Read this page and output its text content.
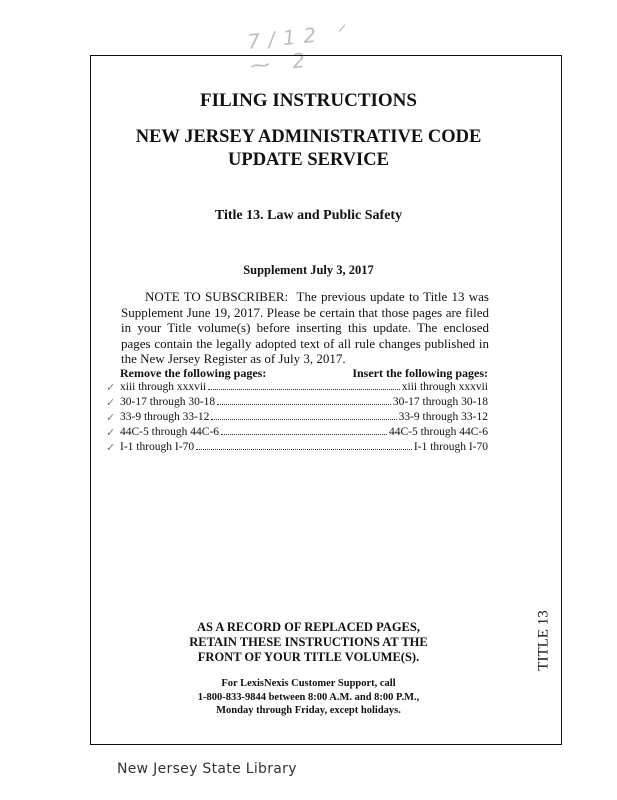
7/12 ᐟ ⁓ 2
TITLE 13
FILING INSTRUCTIONS
NEW JERSEY ADMINISTRATIVE CODE
UPDATE SERVICE
Title 13. Law and Public Safety
Supplement July 3, 2017
NOTE TO SUBSCRIBER: The previous update to Title 13 was Supplement June 19, 2017. Please be certain that those pages are filed in your Title volume(s) before inserting this update. The enclosed pages contain the legally adopted text of all rule changes published in the New Jersey Register as of July 3, 2017.
Remove the following pages:	Insert the following pages:
xiii through xxxvii	xiii through xxxvii
30-17 through 30-18	30-17 through 30-18
33-9 through 33-12	33-9 through 33-12
44C-5 through 44C-6	44C-5 through 44C-6
I-1 through I-70	I-1 through I-70
✓
✓
✓
✓
✓
AS A RECORD OF REPLACED PAGES,
RETAIN THESE INSTRUCTIONS AT THE
FRONT OF YOUR TITLE VOLUME(S).
For LexisNexis Customer Support, call
1-800-833-9844 between 8:00 A.M. and 8:00 P.M.,
Monday through Friday, except holidays.
New Jersey State Library
